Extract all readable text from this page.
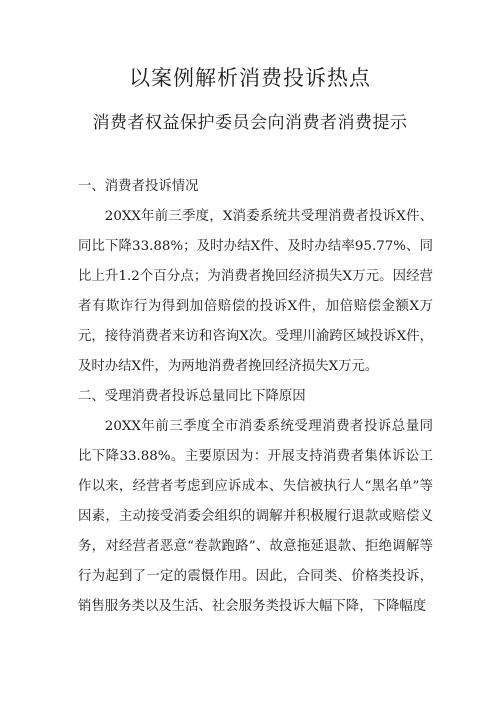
以案例解析消费投诉热点
消费者权益保护委员会向消费者消费提示
一、消费者投诉情况

20XX年前三季度，X消委系统共受理消费者投诉X件、同比下降33.88%；及时办结X件、及时办结率95.77%、同比上升1.2个百分点；为消费者挽回经济损失X万元。因经营者有欺诈行为得到加倍赔偿的投诉X件，加倍赔偿金额X万元，接待消费者来访和咨询X次。受理川渝跨区域投诉X件，及时办结X件，为两地消费者挽回经济损失X万元。

二、受理消费者投诉总量同比下降原因

20XX年前三季度全市消委系统受理消费者投诉总量同比下降33.88%。主要原因为：开展支持消费者集体诉讼工作以来，经营者考虑到应诉成本、失信被执行人“黑名单”等因素，主动接受消委会组织的调解并积极履行退款或赔偿义务，对经营者恶意“卷款跑路”、故意拖延退款、拒绝调解等行为起到了一定的震慑作用。因此，合同类、价格类投诉，销售服务类以及生活、社会服务类投诉大幅下降，下降幅度
